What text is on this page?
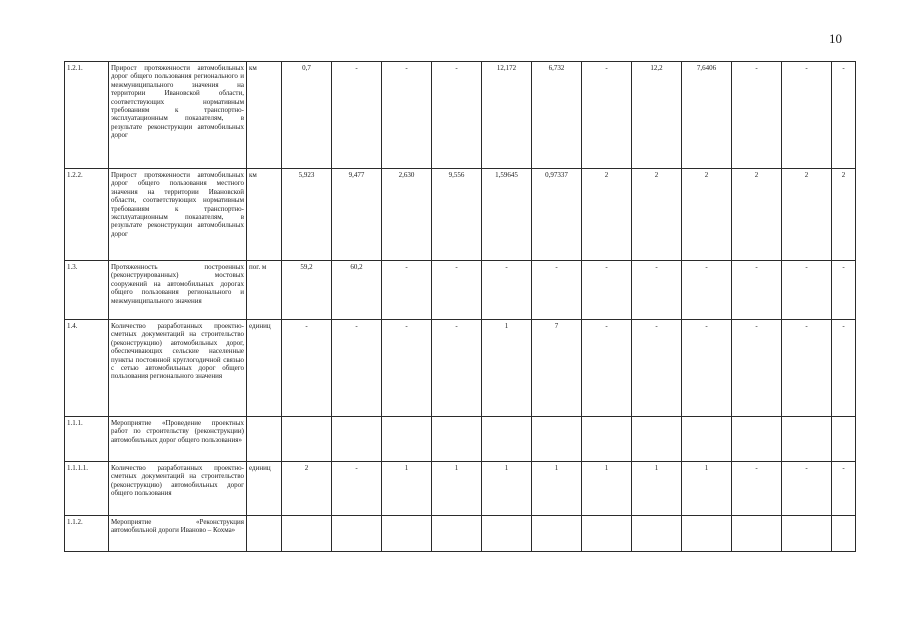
10
1.2.1.	Прирост протяженности автомобильных дорог общего пользования регионального и межмуниципального значения на территории Ивановской области, соответствующих нормативным требованиям к транспортно-эксплуатационным показателям, в результате реконструкции автомобильных дорог	км	0,7	-	-	-	12,172	6,732	-	12,2	7,6406	-	-	-
1.2.2.	Прирост протяженности автомобильных дорог общего пользования местного значения на территории Ивановской области, соответствующих нормативным требованиям к транспортно-эксплуатационным показателям, в результате реконструкции автомобильных дорог	км	5,923	9,477	2,630	9,556	1,59645	0,97337	2	2	2	2	2	2
1.3.	Протяженность построенных (реконструированных) мостовых сооружений на автомобильных дорогах общего пользования регионального и межмуниципального значения	пог. м	59,2	60,2	-	-	-	-	-	-	-	-	-	-
1.4.	Количество разработанных проектно-сметных документаций на строительство (реконструкцию) автомобильных дорог, обеспечивающих сельские населенные пункты постоянной круглогодичной связью с сетью автомобильных дорог общего пользования регионального значения	единиц	-	-	-	-	1	7	-	-	-	-	-	-
1.1.1.	Мероприятие «Проведение проектных работ по строительству (реконструкции) автомобильных дорог общего пользования»													
1.1.1.1.	Количество разработанных проектно-сметных документаций на строительство (реконструкцию) автомобильных дорог общего пользования	единиц	2	-	1	1	1	1	1	1	1	-	-	-
1.1.2.	Мероприятие «Реконструкция автомобильной дороги Иваново – Кохма»													
